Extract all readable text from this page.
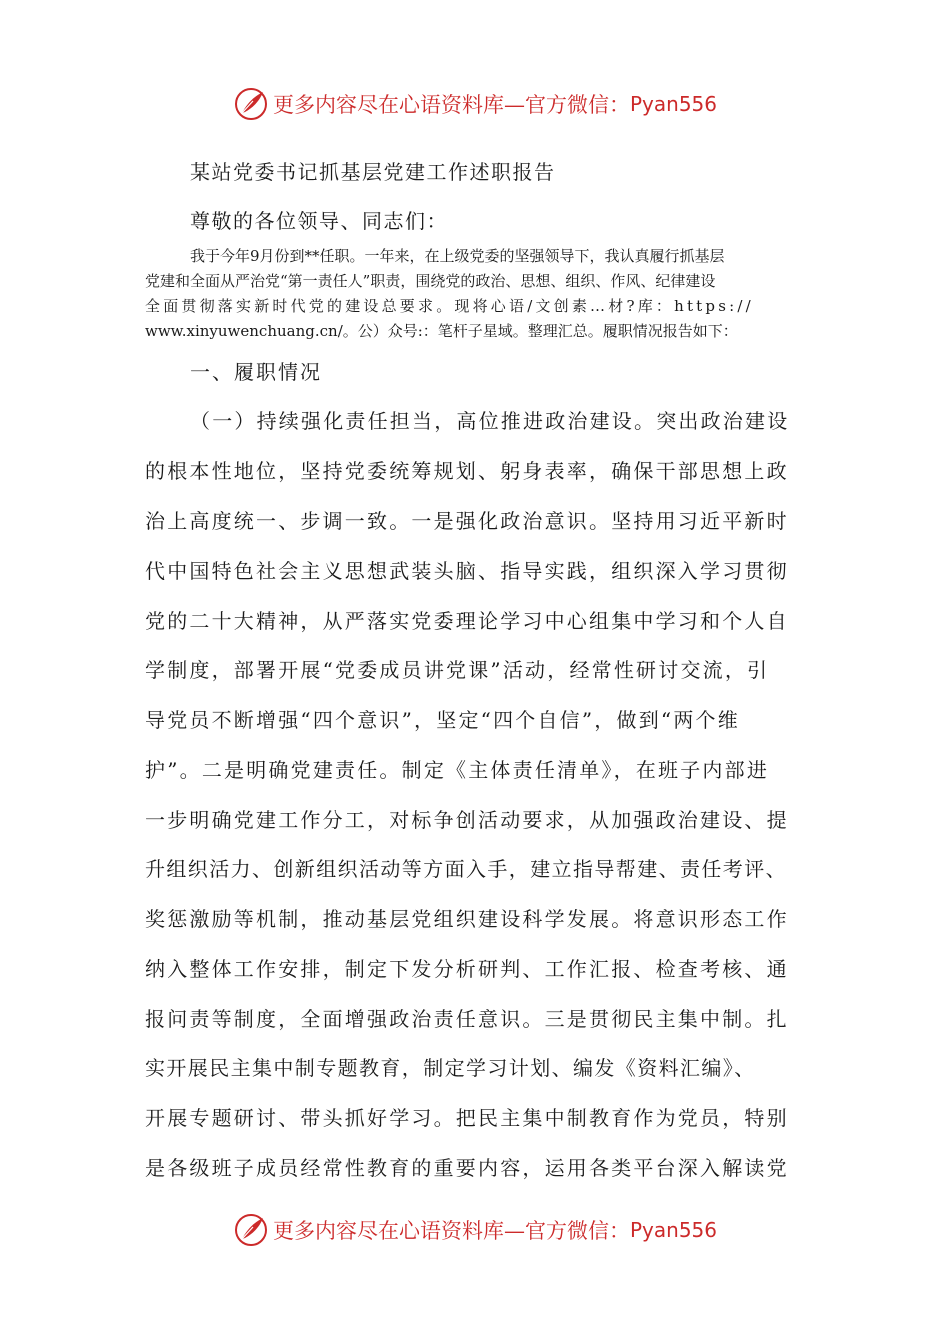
更多内容尽在心语资料库—官方微信： Pyan556
某站党委书记抓基层党建工作述职报告
尊敬的各位领导、同志们：
我于今年9月份到**任职。一年来，在上级党委的坚强领导下，我认真履行抓基层
党建和全面从严治党“第一责任人”职责，围绕党的政治、思想、组织、作风、纪律建设
全面贯彻落实新时代党的建设总要求。现将心语/文创素…材?库：https://
www.xinyuwenchuang.cn/。公）众号:：笔杆子星域。整理汇总。履职情况报告如下：
一、履职情况
（一）持续强化责任担当，高位推进政治建设。突出政治建设
的根本性地位，坚持党委统筹规划、躬身表率，确保干部思想上政
治上高度统一、步调一致。一是强化政治意识。坚持用习近平新时
代中国特色社会主义思想武装头脑、指导实践，组织深入学习贯彻
党的二十大精神，从严落实党委理论学习中心组集中学习和个人自
学制度，部署开展“党委成员讲党课”活动，经常性研讨交流，引
导党员不断增强“四个意识”，坚定“四个自信”，做到“两个维
护”。二是明确党建责任。制定《主体责任清单》，在班子内部进
一步明确党建工作分工，对标争创活动要求，从加强政治建设、提
升组织活力、创新组织活动等方面入手，建立指导帮建、责任考评、
奖惩激励等机制，推动基层党组织建设科学发展。将意识形态工作
纳入整体工作安排，制定下发分析研判、工作汇报、检查考核、通
报问责等制度，全面增强政治责任意识。三是贯彻民主集中制。扎
实开展民主集中制专题教育，制定学习计划、编发《资料汇编》、
开展专题研讨、带头抓好学习。把民主集中制教育作为党员，特别
是各级班子成员经常性教育的重要内容，运用各类平台深入解读党
更多内容尽在心语资料库—官方微信： Pyan556
